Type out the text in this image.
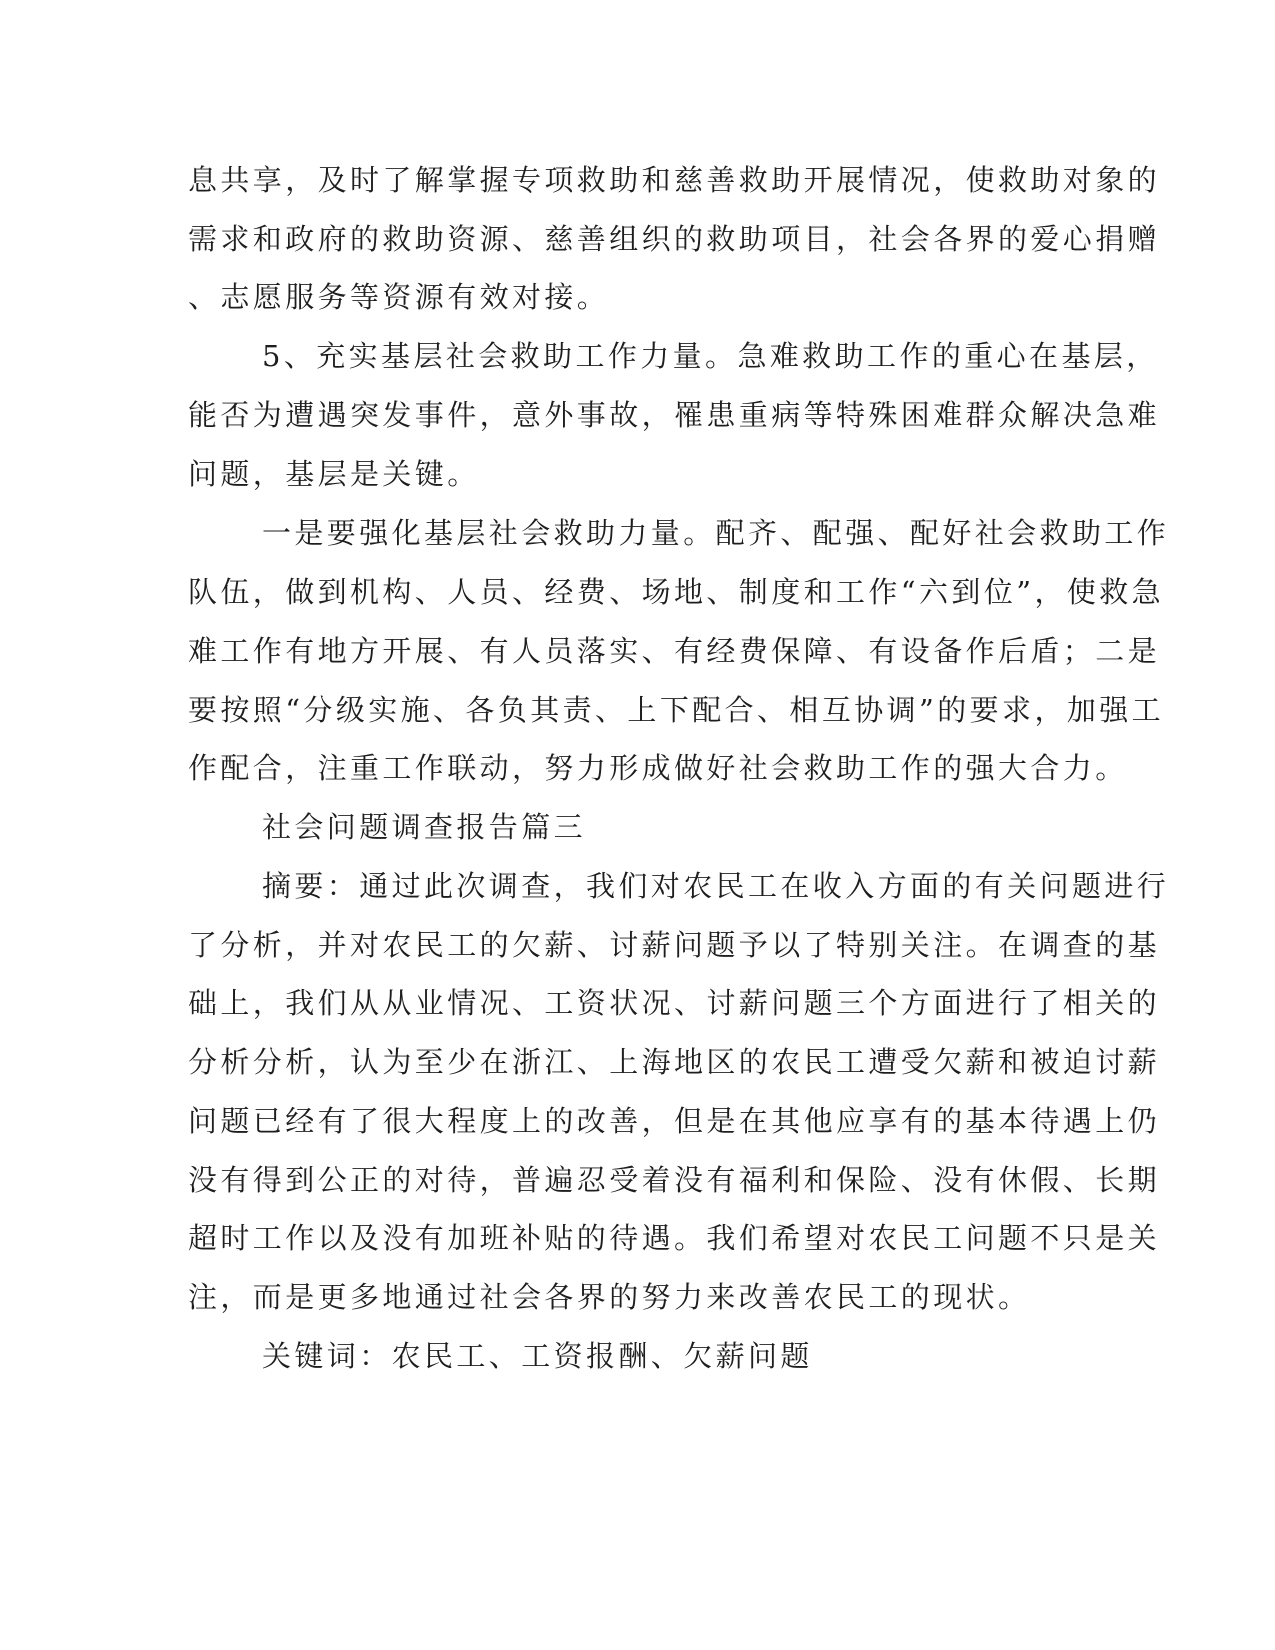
息共享，及时了解掌握专项救助和慈善救助开展情况，使救助对象的
需求和政府的救助资源、慈善组织的救助项目，社会各界的爱心捐赠
、志愿服务等资源有效对接。
5、充实基层社会救助工作力量。急难救助工作的重心在基层，
能否为遭遇突发事件，意外事故，罹患重病等特殊困难群众解决急难
问题，基层是关键。
一是要强化基层社会救助力量。配齐、配强、配好社会救助工作
队伍，做到机构、人员、经费、场地、制度和工作“六到位”，使救急
难工作有地方开展、有人员落实、有经费保障、有设备作后盾；二是
要按照“分级实施、各负其责、上下配合、相互协调”的要求，加强工
作配合，注重工作联动，努力形成做好社会救助工作的强大合力。
社会问题调查报告篇三
摘要：通过此次调查，我们对农民工在收入方面的有关问题进行
了分析，并对农民工的欠薪、讨薪问题予以了特别关注。在调查的基
础上，我们从从业情况、工资状况、讨薪问题三个方面进行了相关的
分析分析，认为至少在浙江、上海地区的农民工遭受欠薪和被迫讨薪
问题已经有了很大程度上的改善，但是在其他应享有的基本待遇上仍
没有得到公正的对待，普遍忍受着没有福利和保险、没有休假、长期
超时工作以及没有加班补贴的待遇。我们希望对农民工问题不只是关
注，而是更多地通过社会各界的努力来改善农民工的现状。
关键词：农民工、工资报酬、欠薪问题
